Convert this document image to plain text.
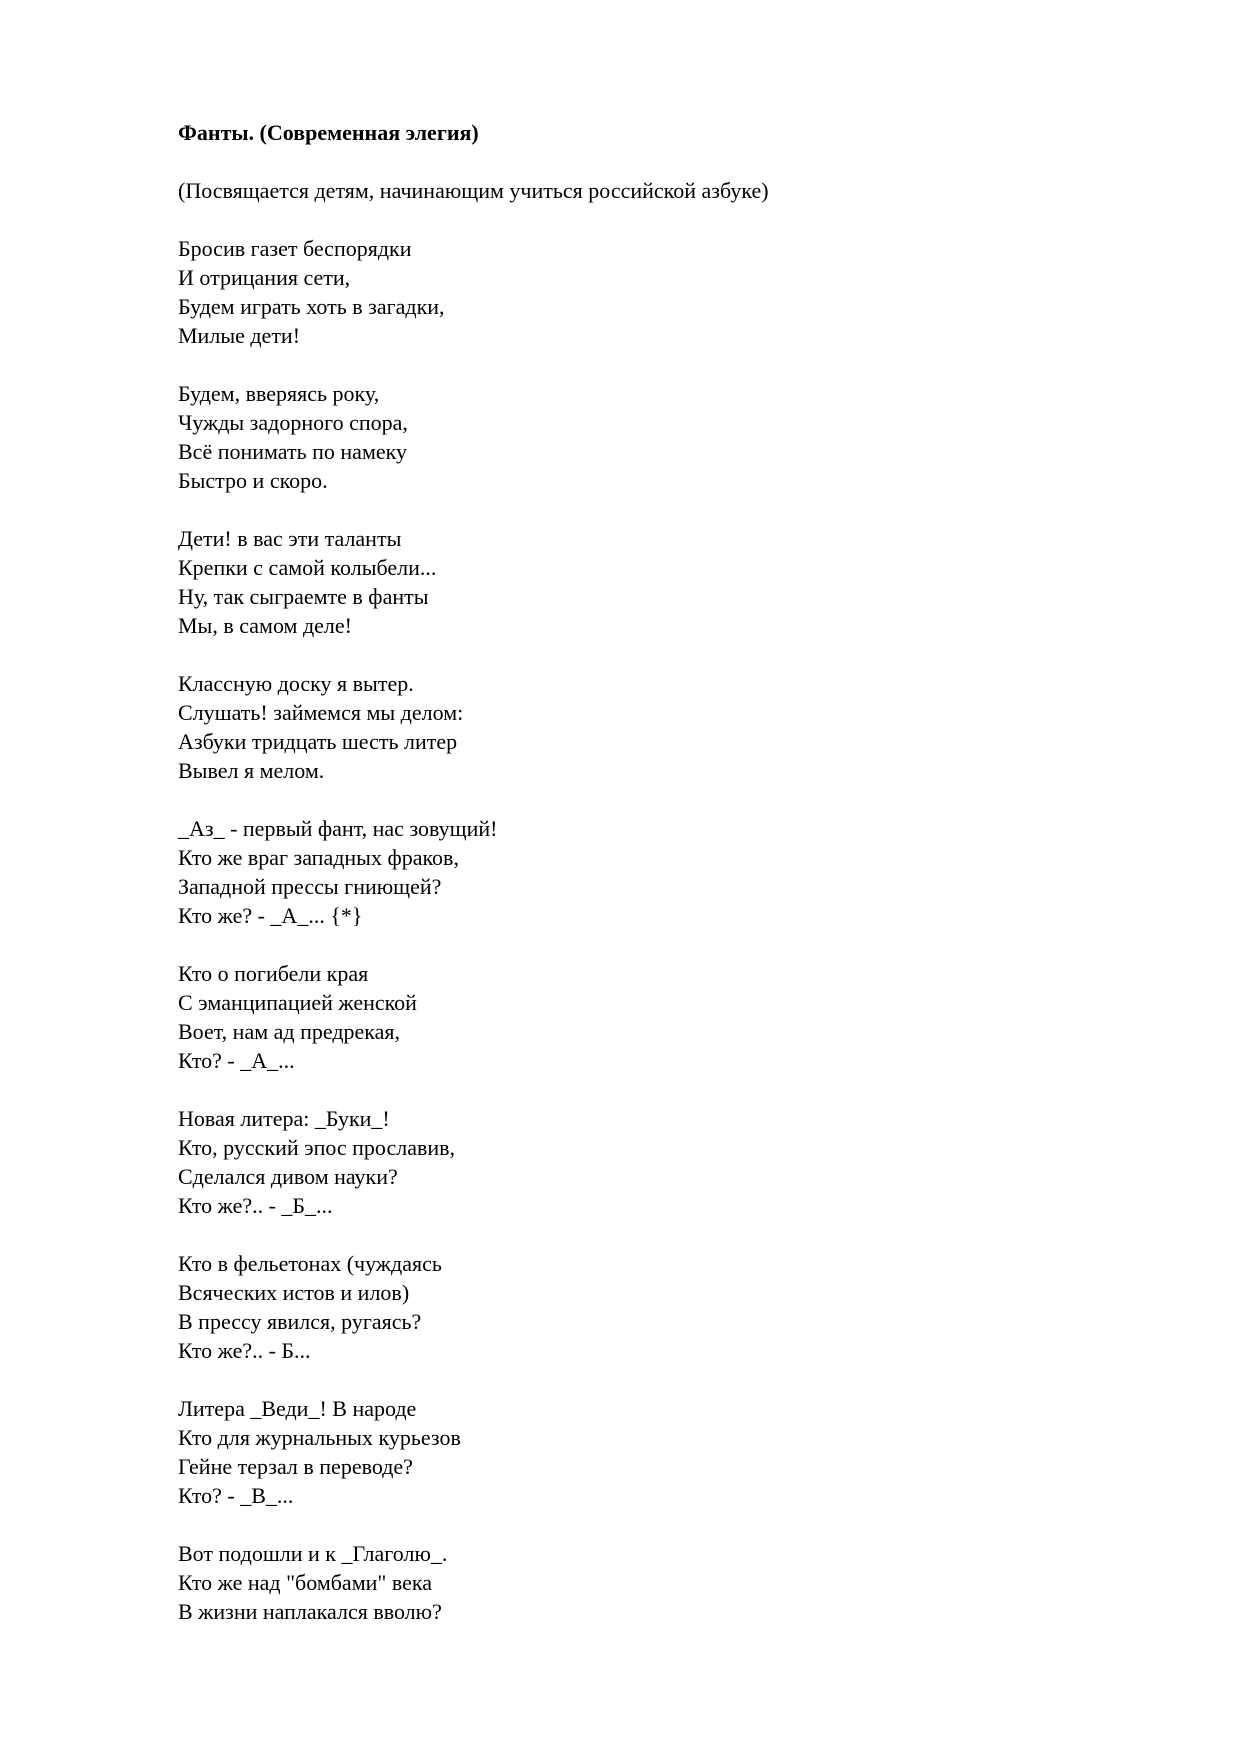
Фанты. (Современная элегия)

(Посвящается детям, начинающим учиться российской азбуке)

Бросив газет беспорядки
И отрицания сети,
Будем играть хоть в загадки,
Милые дети!
Будем, вверяясь року,
Чужды задорного спора,
Всё понимать по намеку
Быстро и скоро.
Дети! в вас эти таланты
Крепки с самой колыбели...
Ну, так сыграемте в фанты
Мы, в самом деле!
Классную доску я вытер.
Слушать! займемся мы делом:
Азбуки тридцать шесть литер
Вывел я мелом.
_Аз_ - первый фант, нас зовущий!
Кто же враг западных фраков,
Западной прессы гниющей?
Кто же? - _А_... {*}
Кто о погибели края
С эманципацией женской
Воет, нам ад предрекая,
Кто? - _А_...
Новая литера: _Буки_!
Кто, русский эпос прославив,
Сделался дивом науки?
Кто же?.. - _Б_...
Кто в фельетонах (чуждаясь
Всяческих истов и илов)
В прессу явился, ругаясь?
Кто же?.. - Б...
Литера _Веди_! В народе
Кто для журнальных курьезов
Гейне терзал в переводе?
Кто? - _В_...
Вот подошли и к _Глаголю_.
Кто же над "бомбами" века
В жизни наплакался вволю?
